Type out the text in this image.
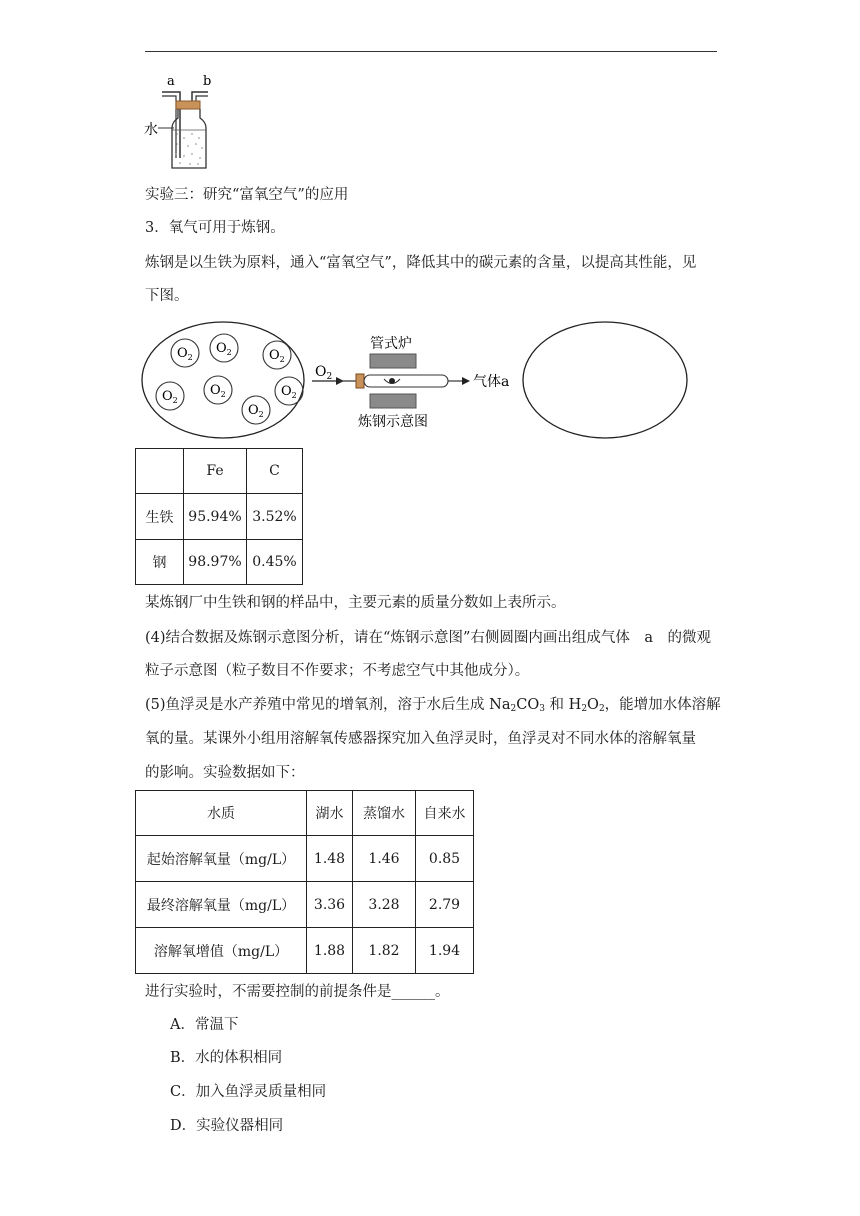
a b
水
实验三：研究“富氧空气”的应用
3．氧气可用于炼钢。
炼钢是以生铁为原料，通入“富氧空气”，降低其中的碳元素的含量，以提高其性能，见
下图。
$O_2$
$O_2$	$O_2$
$O_2$
$O_2$	$O_2$
$O_2$
$O_2$
管式炉
气体a
炼钢示意图
	Fe	C
生铁	95.94%	3.52%
钢	98.97%	0.45%
某炼钢厂中生铁和钢的样品中，主要元素的质量分数如上表所示。
(4)结合数据及炼钢示意图分析，请在“炼钢示意图”右侧圆圈内画出组成气体　a　的微观
粒子示意图（粒子数目不作要求；不考虑空气中其他成分）。
(5)鱼浮灵是水产养殖中常见的增氧剂，溶于水后生成 $Na_2CO_3$ 和 $H_2O_2$，能增加水体溶解
氧的量。某课外小组用溶解氧传感器探究加入鱼浮灵时，鱼浮灵对不同水体的溶解氧量
的影响。实验数据如下：
水质	湖水	蒸馏水	自来水
起始溶解氧量（mg/L）	1.48	1.46	0.85
最终溶解氧量（mg/L）	3.36	3.28	2.79
溶解氧增值（mg/L）	1.88	1.82	1.94
进行实验时，不需要控制的前提条件是______。
A．常温下
B．水的体积相同
C．加入鱼浮灵质量相同
D．实验仪器相同
